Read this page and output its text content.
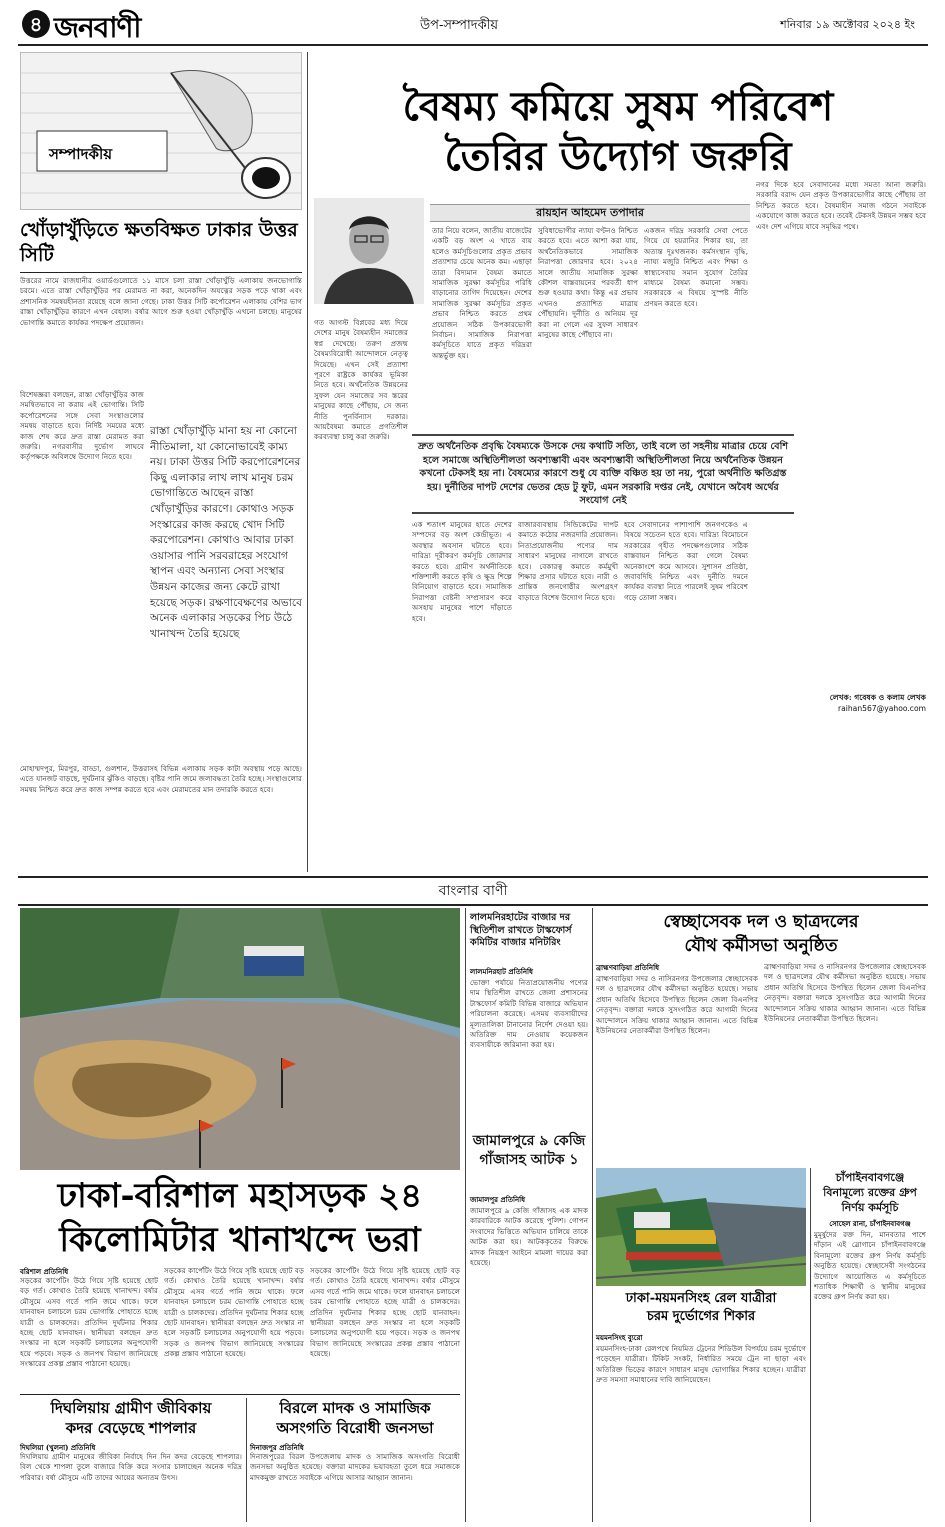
৪ জনবাণী	উপ-সম্পাদকীয়	শনিবার ১৯ অক্টোবর ২০২৪ ইং
সম্পাদকীয়
খোঁড়াখুঁড়িতে ক্ষতবিক্ষত ঢাকার উত্তর সিটি
উত্তরের নামে রাজধানীর ওয়ার্ডগুলোতে ১১ মাসে চলা রাস্তা খোঁড়াখুঁড়ি এলাকায় জনভোগান্তি চরমে। এতে রাস্তা খোঁড়াখুঁড়ির পর মেরামত না করা, অনেকদিন অযত্নের সড়ক পড়ে থাকা এবং প্রশাসনিক সমন্বয়হীনতা রয়েছে বলে জানা গেছে। ঢাকা উত্তর সিটি কর্পোরেশন এলাকায় বেশির ভাগ রাস্তা খোঁড়াখুঁড়ির কারণে এখন বেহাল। বর্ষার আগে শুরু হওয়া খোঁড়াখুঁড়ি এখনো চলছে। মানুষের ভোগান্তি কমাতে কার্যকর পদক্ষেপ প্রয়োজন।
বিশেষজ্ঞরা বলছেন, রাস্তা খোঁড়াখুঁড়ির কাজ সমন্বিতভাবে না করায় এই ভোগান্তি। সিটি কর্পোরেশনের সঙ্গে সেবা সংস্থাগুলোর সমন্বয় বাড়াতে হবে। নির্দিষ্ট সময়ের মধ্যে কাজ শেষ করে দ্রুত রাস্তা মেরামত করা জরুরি। নগরবাসীর দুর্ভোগ লাঘবে কর্তৃপক্ষকে অবিলম্বে উদ্যোগ নিতে হবে।
রাস্তা খোঁড়াখুঁড়ি মানা হয় না কোনো নীতিমালা, যা কোনোভাবেই কাম্য নয়। ঢাকা উত্তর সিটি করপোরেশনের কিছু এলাকার লাখ লাখ মানুষ চরম ভোগান্তিতে আছেন রাস্তা খোঁড়াখুঁড়ির কারণে। কোথাও সড়ক সংস্কারের কাজ করছে খোদ সিটি করপোরেশন। কোথাও আবার ঢাকা ওয়াসার পানি সরবরাহের সংযোগ স্থাপন এবং অন্যান্য সেবা সংস্থার উন্নয়ন কাজের জন্য কেটে রাখা হয়েছে সড়ক। রক্ষণাবেক্ষণের অভাবে অনেক এলাকার সড়কের পিচ উঠে খানাখন্দ তৈরি হয়েছে
মোহাম্মদপুর, মিরপুর, বাড্ডা, গুলশান, উত্তরাসহ বিভিন্ন এলাকায় সড়ক কাটা অবস্থায় পড়ে আছে। এতে যানজট বাড়ছে, দুর্ঘটনার ঝুঁকিও বাড়ছে। বৃষ্টির পানি জমে জলাবদ্ধতা তৈরি হচ্ছে। সংস্থাগুলোর সমন্বয় নিশ্চিত করে দ্রুত কাজ সম্পন্ন করতে হবে এবং মেরামতের মান তদারকি করতে হবে।
বৈষম্য কমিয়ে সুষম পরিবেশ
তৈরির উদ্যোগ জরুরি
রায়হান আহমেদ তপাদার
তার নিয়ে বলেন, জাতীয় বাজেটের একটি বড় অংশ এ খাতে ব্যয় হলেও কর্মসূচিগুলোর প্রকৃত প্রভাব প্রত্যাশার চেয়ে অনেক কম। এছাড়া তারা বিদ্যমান বৈষম্য কমাতে সামাজিক সুরক্ষা কর্মসূচির পরিধি বাড়ানোর তাগিদ দিয়েছেন। দেশের সামাজিক সুরক্ষা কর্মসূচির প্রকৃত প্রভাব নিশ্চিত করতে প্রথম প্রয়োজন সঠিক উপকারভোগী নির্বাচন। সামাজিক নিরাপত্তা কর্মসূচিতে যাতে প্রকৃত দরিদ্ররা অন্তর্ভুক্ত হয়।
সুবিধাভোগীর ন্যায্য বণ্টনও নিশ্চিত করতে হবে। এতে আশা করা যায়, অর্থনৈতিকভাবে সামাজিক নিরাপত্তা জোরদার হবে। ২০২৪ সালে জাতীয় সামাজিক সুরক্ষা কৌশল বাস্তবায়নের পরবর্তী ধাপ শুরু হওয়ার কথা। কিন্তু এর প্রভাব এখনও প্রত্যাশিত মাত্রায় পৌঁছায়নি। দুর্নীতি ও অনিয়ম দূর করা না গেলে এর সুফল সাধারণ মানুষের কাছে পৌঁছাবে না।
একজন দরিদ্র সরকারি সেবা পেতে গিয়ে যে হয়রানির শিকার হয়, তা অত্যন্ত দুঃখজনক। কর্মসংস্থান বৃদ্ধি, ন্যায্য মজুরি নিশ্চিত এবং শিক্ষা ও স্বাস্থ্যসেবায় সমান সুযোগ তৈরির মাধ্যমে বৈষম্য কমানো সম্ভব। সরকারকে এ বিষয়ে সুস্পষ্ট নীতি প্রণয়ন করতে হবে।
নগর দিকে হবে সেবাদানের মধ্যে সমতা আনা জরুরি। সরকারি বরাদ্দ যেন প্রকৃত উপকারভোগীর কাছে পৌঁছায় তা নিশ্চিত করতে হবে। বৈষম্যহীন সমাজ গঠনে সবাইকে একযোগে কাজ করতে হবে। তবেই টেকসই উন্নয়ন সম্ভব হবে এবং দেশ এগিয়ে যাবে সমৃদ্ধির পথে।
দ্রুত অর্থনৈতিক প্রবৃদ্ধি বৈষম্যকে উসকে দেয় কথাটি সত্যি, তাই বলে তা সহনীয় মাত্রার চেয়ে বেশি হলে সমাজে অস্থিতিশীলতা অবশ্যম্ভাবী এবং অবশ্যম্ভাবী অস্থিতিশীলতা নিয়ে অর্থনৈতিক উন্নয়ন কখনো টেকসই হয় না। বৈষম্যের কারণে শুধু যে ব্যক্তি বঞ্চিত হয় তা নয়, পুরো অর্থনীতি ক্ষতিগ্রস্ত হয়। দুর্নীতির দাপট দেশের ভেতর হেড টু ফুট, এমন সরকারি দপ্তর নেই, যেখানে অবৈধ অর্থের সংযোগ নেই
গত আগস্ট বিপ্লবের মধ্য দিয়ে দেশের মানুষ বৈষম্যহীন সমাজের স্বপ্ন দেখেছে। তরুণ প্রজন্ম বৈষম্যবিরোধী আন্দোলনে নেতৃত্ব দিয়েছে। এখন সেই প্রত্যাশা পূরণে রাষ্ট্রকে কার্যকর ভূমিকা নিতে হবে। অর্থনৈতিক উন্নয়নের সুফল যেন সমাজের সব স্তরের মানুষের কাছে পৌঁছায়, সে জন্য নীতি পুনর্বিন্যাস দরকার। আয়বৈষম্য কমাতে প্রগতিশীল করব্যবস্থা চালু করা জরুরি।
এক শতাংশ মানুষের হাতে দেশের সম্পদের বড় অংশ কেন্দ্রীভূত। এ অবস্থার অবসান ঘটাতে হবে। দারিদ্র্য দূরীকরণ কর্মসূচি জোরদার করতে হবে। গ্রামীণ অর্থনীতিকে শক্তিশালী করতে কৃষি ও ক্ষুদ্র শিল্পে বিনিয়োগ বাড়াতে হবে। সামাজিক নিরাপত্তা বেষ্টনী সম্প্রসারণ করে অসহায় মানুষের পাশে দাঁড়াতে হবে।
বাজারব্যবস্থায় সিন্ডিকেটের দাপট কমাতে কঠোর নজরদারি প্রয়োজন। নিত্যপ্রয়োজনীয় পণ্যের দাম সাধারণ মানুষের নাগালে রাখতে হবে। বেকারত্ব কমাতে কর্মমুখী শিক্ষার প্রসার ঘটাতে হবে। নারী ও প্রান্তিক জনগোষ্ঠীর অংশগ্রহণ বাড়াতে বিশেষ উদ্যোগ নিতে হবে।
হবে সেবাদানের পাশাপাশি জনগণকেও এ বিষয়ে সচেতন হতে হবে। দারিদ্র্য বিমোচনে সরকারের গৃহীত পদক্ষেপগুলোর সঠিক বাস্তবায়ন নিশ্চিত করা গেলে বৈষম্য অনেকাংশে কমে আসবে। সুশাসন প্রতিষ্ঠা, জবাবদিহি নিশ্চিত এবং দুর্নীতি দমনে কার্যকর ব্যবস্থা নিতে পারলেই সুষম পরিবেশ গড়ে তোলা সম্ভব।
লেখক: গবেষক ও কলাম লেখক
raihan567@yahoo.com
বাংলার বাণী
ঢাকা-বরিশাল মহাসড়ক ২৪
কিলোমিটার খানাখন্দে ভরা
বরিশাল প্রতিনিধি
সড়কের কার্পেটিং উঠে গিয়ে সৃষ্টি হয়েছে ছোট বড় গর্ত। কোথাও তৈরি হয়েছে খানাখন্দ। বর্ষার মৌসুমে এসব গর্তে পানি জমে থাকে। ফলে যানবাহন চলাচলে চরম ভোগান্তি পোহাতে হচ্ছে যাত্রী ও চালকদের। প্রতিদিন দুর্ঘটনার শিকার হচ্ছে ছোট যানবাহন। স্থানীয়রা বলছেন দ্রুত সংস্কার না হলে সড়কটি চলাচলের অনুপযোগী হয়ে পড়বে। সড়ক ও জনপথ বিভাগ জানিয়েছে সংস্কারের প্রকল্প প্রস্তাব পাঠানো হয়েছে।
সড়কের কার্পেটিং উঠে গিয়ে সৃষ্টি হয়েছে ছোট বড় গর্ত। কোথাও তৈরি হয়েছে খানাখন্দ। বর্ষার মৌসুমে এসব গর্তে পানি জমে থাকে। ফলে যানবাহন চলাচলে চরম ভোগান্তি পোহাতে হচ্ছে যাত্রী ও চালকদের। প্রতিদিন দুর্ঘটনার শিকার হচ্ছে ছোট যানবাহন। স্থানীয়রা বলছেন দ্রুত সংস্কার না হলে সড়কটি চলাচলের অনুপযোগী হয়ে পড়বে। সড়ক ও জনপথ বিভাগ জানিয়েছে সংস্কারের প্রকল্প প্রস্তাব পাঠানো হয়েছে।
সড়কের কার্পেটিং উঠে গিয়ে সৃষ্টি হয়েছে ছোট বড় গর্ত। কোথাও তৈরি হয়েছে খানাখন্দ। বর্ষার মৌসুমে এসব গর্তে পানি জমে থাকে। ফলে যানবাহন চলাচলে চরম ভোগান্তি পোহাতে হচ্ছে যাত্রী ও চালকদের। প্রতিদিন দুর্ঘটনার শিকার হচ্ছে ছোট যানবাহন। স্থানীয়রা বলছেন দ্রুত সংস্কার না হলে সড়কটি চলাচলের অনুপযোগী হয়ে পড়বে। সড়ক ও জনপথ বিভাগ জানিয়েছে সংস্কারের প্রকল্প প্রস্তাব পাঠানো হয়েছে।
দিঘলিয়ায় গ্রামীণ জীবিকায়
কদর বেড়েছে শাপলার
দিঘলিয়া (খুলনা) প্রতিনিধি
দিঘলিয়ায় গ্রামীণ মানুষের জীবিকা নির্বাহে দিন দিন কদর বেড়েছে শাপলার। বিল থেকে শাপলা তুলে বাজারে বিক্রি করে সংসার চালাচ্ছেন অনেক দরিদ্র পরিবার। বর্ষা মৌসুমে এটি তাদের আয়ের অন্যতম উৎস।
বিরলে মাদক ও সামাজিক
অসংগতি বিরোধী জনসভা
দিনাজপুর প্রতিনিধি
দিনাজপুরের বিরল উপজেলায় মাদক ও সামাজিক অসংগতি বিরোধী জনসভা অনুষ্ঠিত হয়েছে। বক্তারা মাদকের ভয়াবহতা তুলে ধরে সমাজকে মাদকমুক্ত রাখতে সবাইকে এগিয়ে আসার আহ্বান জানান।
লালমনিরহাটের বাজার দর স্থিতিশীল রাখতে টাস্কফোর্স কমিটির বাজার মনিটরিং
লালমনিরহাট প্রতিনিধি
ভোক্তা পর্যায়ে নিত্যপ্রয়োজনীয় পণ্যের দাম স্থিতিশীল রাখতে জেলা প্রশাসনের টাস্কফোর্স কমিটি বিভিন্ন বাজারে অভিযান পরিচালনা করেছে। এসময় ব্যবসায়ীদের মূল্যতালিকা টানানোর নির্দেশ দেওয়া হয়। অতিরিক্ত দাম নেওয়ায় কয়েকজন ব্যবসায়ীকে জরিমানা করা হয়।
জামালপুরে ৯ কেজি গাঁজাসহ আটক ১
জামালপুর প্রতিনিধি
জামালপুরে ৯ কেজি গাঁজাসহ এক মাদক কারবারিকে আটক করেছে পুলিশ। গোপন সংবাদের ভিত্তিতে অভিযান চালিয়ে তাকে আটক করা হয়। আটককৃতের বিরুদ্ধে মাদক নিয়ন্ত্রণ আইনে মামলা দায়ের করা হয়েছে।
স্বেচ্ছাসেবক দল ও ছাত্রদলের
যৌথ কর্মীসভা অনুষ্ঠিত
ব্রাহ্মণবাড়িয়া প্রতিনিধি
ব্রাহ্মণবাড়িয়া সদর ও নাসিরনগর উপজেলার স্বেচ্ছাসেবক দল ও ছাত্রদলের যৌথ কর্মীসভা অনুষ্ঠিত হয়েছে। সভায় প্রধান অতিথি হিসেবে উপস্থিত ছিলেন জেলা বিএনপির নেতৃবৃন্দ। বক্তারা দলকে সুসংগঠিত করে আগামী দিনের আন্দোলনে সক্রিয় থাকার আহ্বান জানান। এতে বিভিন্ন ইউনিয়নের নেতাকর্মীরা উপস্থিত ছিলেন।
ব্রাহ্মণবাড়িয়া সদর ও নাসিরনগর উপজেলার স্বেচ্ছাসেবক দল ও ছাত্রদলের যৌথ কর্মীসভা অনুষ্ঠিত হয়েছে। সভায় প্রধান অতিথি হিসেবে উপস্থিত ছিলেন জেলা বিএনপির নেতৃবৃন্দ। বক্তারা দলকে সুসংগঠিত করে আগামী দিনের আন্দোলনে সক্রিয় থাকার আহ্বান জানান। এতে বিভিন্ন ইউনিয়নের নেতাকর্মীরা উপস্থিত ছিলেন।
ঢাকা-ময়মনসিংহ রেল যাত্রীরা
চরম দুর্ভোগের শিকার
ময়মনসিংহ ব্যুরো
ময়মনসিংহ-ঢাকা রেলপথে নিয়মিত ট্রেনের শিডিউল বিপর্যয়ে চরম দুর্ভোগে পড়েছেন যাত্রীরা। টিকিট সংকট, নির্ধারিত সময়ে ট্রেন না ছাড়া এবং অতিরিক্ত ভিড়ের কারণে সাধারণ মানুষ ভোগান্তির শিকার হচ্ছেন। যাত্রীরা দ্রুত সমস্যা সমাধানের দাবি জানিয়েছেন।
চাঁপাইনবাবগঞ্জে বিনামূল্যে রক্তের গ্রুপ নির্ণয় কর্মসূচি
সোহেল রানা, চাঁপাইনবাবগঞ্জ
মুমূর্ষুদের রক্ত দিন, মানবতার পাশে দাঁড়ান এই স্লোগানে চাঁপাইনবাবগঞ্জে বিনামূল্যে রক্তের গ্রুপ নির্ণয় কর্মসূচি অনুষ্ঠিত হয়েছে। স্বেচ্ছাসেবী সংগঠনের উদ্যোগে আয়োজিত এ কর্মসূচিতে শতাধিক শিক্ষার্থী ও স্থানীয় মানুষের রক্তের গ্রুপ নির্ণয় করা হয়।
